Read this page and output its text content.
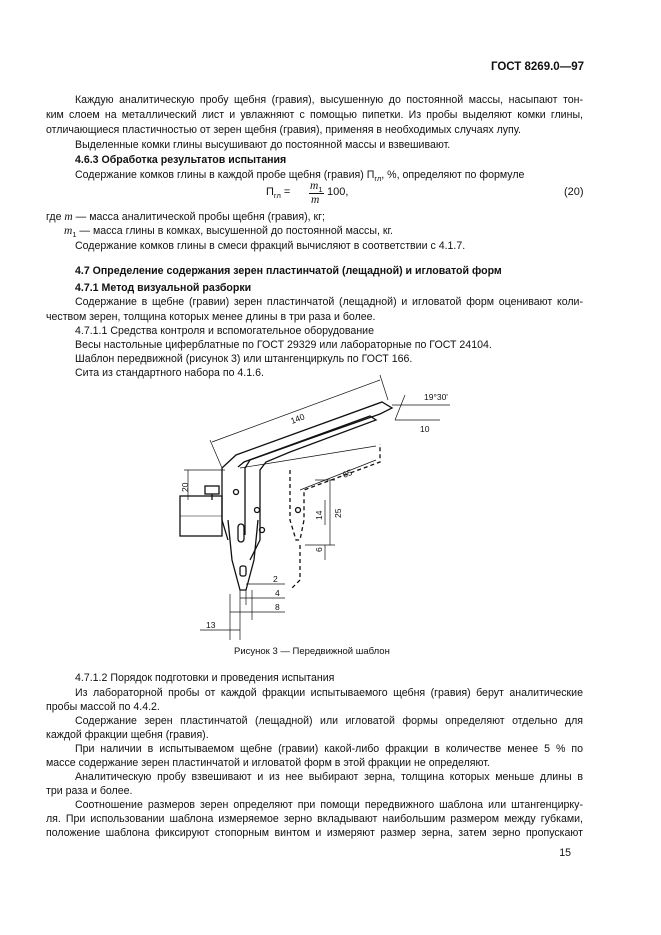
ГОСТ 8269.0—97
Каждую аналитическую пробу щебня (гравия), высушенную до постоянной массы, насыпают тон-
ким слоем на металлический лист и увлажняют с помощью пипетки. Из пробы выделяют комки глины,
отличающиеся пластичностью от зерен щебня (гравия), применяя в необходимых случаях лупу.
Выделенные комки глины высушивают до постоянной массы и взвешивают.
4.6.3 Обработка результатов испытания
Содержание комков глины в каждой пробе щебня (гравия) $П_{гл}$, %, определяют по формуле
$П_{гл} = m_1$
m
100,	(20)
где m — масса аналитической пробы щебня (гравия), кг;
$m_1$ — масса глины в комках, высушенной до постоянной массы, кг.
Содержание комков глины в смеси фракций вычисляют в соответствии с 4.1.7.
4.7 Определение содержания зерен пластинчатой (лещадной) и игловатой форм
4.7.1 Метод визуальной разборки
Содержание в щебне (гравии) зерен пластинчатой (лещадной) и игловатой форм оценивают коли-
чеством зерен, толщина которых менее длины в три раза и более.
4.7.1.1 Средства контроля и вспомогательное оборудование
Весы настольные циферблатные по ГОСТ 29329 или лабораторные по ГОСТ 24104.
Шаблон передвижной (рисунок 3) или штангенциркуль по ГОСТ 166.
Сита из стандартного набора по 4.1.6.
140
19°30'
10
65
20
25
14
6
2
4
8
13
Рисунок 3 — Передвижной шаблон
4.7.1.2 Порядок подготовки и проведения испытания
Из лабораторной пробы от каждой фракции испытываемого щебня (гравия) берут аналитические
пробы массой по 4.4.2.
Содержание зерен пластинчатой (лещадной) или игловатой формы определяют отдельно для
каждой фракции щебня (гравия).
При наличии в испытываемом щебне (гравии) какой-либо фракции в количестве менее 5 % по
массе содержание зерен пластинчатой и игловатой форм в этой фракции не определяют.
Аналитическую пробу взвешивают и из нее выбирают зерна, толщина которых меньше длины в
три раза и более.
Соотношение размеров зерен определяют при помощи передвижного шаблона или штангенцирку-
ля. При использовании шаблона измеряемое зерно вкладывают наибольшим размером между губками,
положение шаблона фиксируют стопорным винтом и измеряют размер зерна, затем зерно пропускают
15
